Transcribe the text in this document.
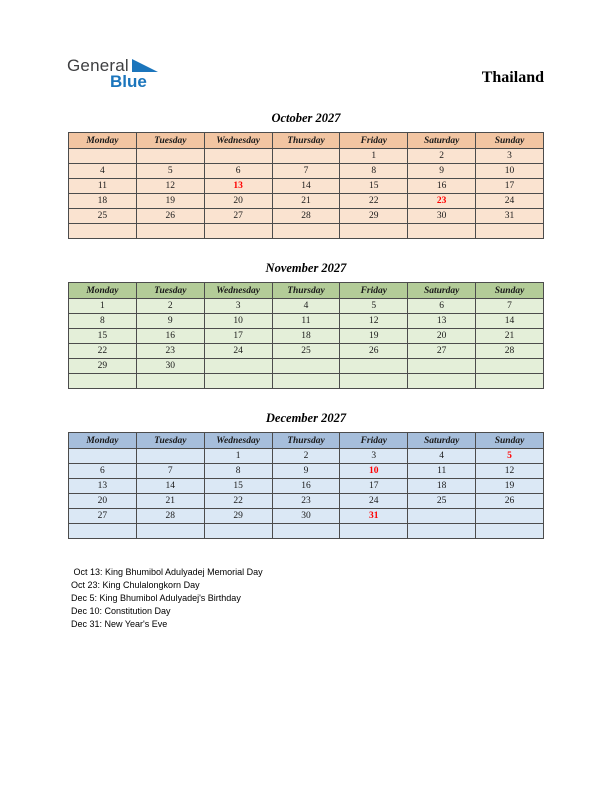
General
Blue	Thailand
October 2027
Monday	Tuesday	Wednesday	Thursday	Friday	Saturday	Sunday
				1	2	3
4	5	6	7	8	9	10
11	12	13	14	15	16	17
18	19	20	21	22	23	24
25	26	27	28	29	30	31

November 2027
Monday	Tuesday	Wednesday	Thursday	Friday	Saturday	Sunday
1	2	3	4	5	6	7
8	9	10	11	12	13	14
15	16	17	18	19	20	21
22	23	24	25	26	27	28
29	30					

December 2027
Monday	Tuesday	Wednesday	Thursday	Friday	Saturday	Sunday
		1	2	3	4	5
6	7	8	9	10	11	12
13	14	15	16	17	18	19
20	21	22	23	24	25	26
27	28	29	30	31		

Oct 13: King Bhumibol Adulyadej Memorial Day
Oct 23: King Chulalongkorn Day
Dec 5: King Bhumibol Adulyadej's Birthday
Dec 10: Constitution Day
Dec 31: New Year's Eve
